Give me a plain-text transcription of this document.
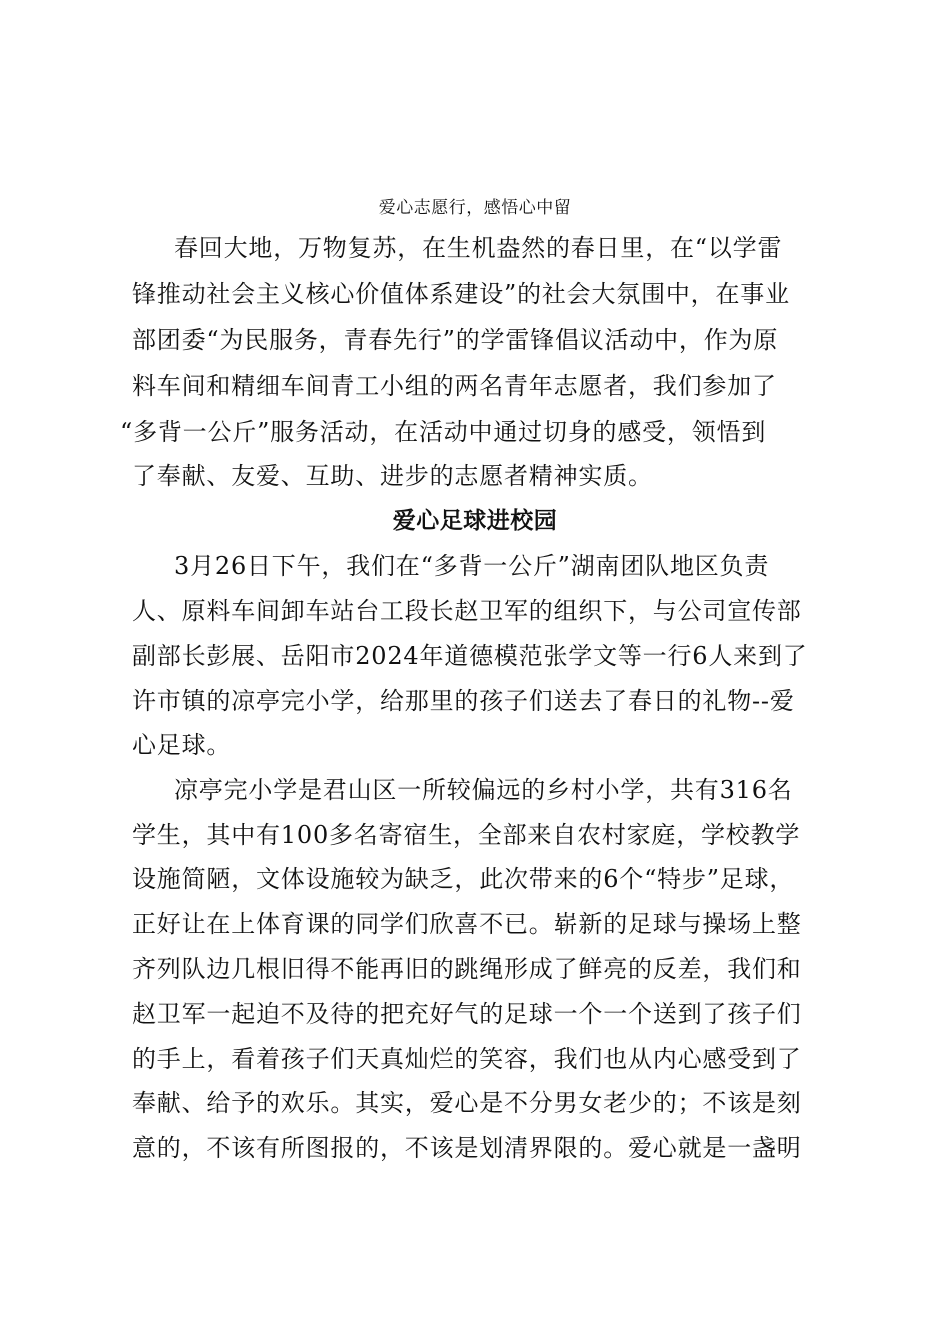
爱心志愿行，感悟心中留
春回大地，万物复苏，在生机盎然的春日里，在“以学雷
锋推动社会主义核心价值体系建设”的社会大氛围中，在事业
部团委“为民服务，青春先行”的学雷锋倡议活动中，作为原
料车间和精细车间青工小组的两名青年志愿者，我们参加了
“多背一公斤”服务活动，在活动中通过切身的感受，领悟到
了奉献、友爱、互助、进步的志愿者精神实质。
爱心足球进校园
3月26日下午，我们在“多背一公斤”湖南团队地区负责
人、原料车间卸车站台工段长赵卫军的组织下，与公司宣传部
副部长彭展、岳阳市2024年道德模范张学文等一行6人来到了
许市镇的凉亭完小学，给那里的孩子们送去了春日的礼物--爱
心足球。
凉亭完小学是君山区一所较偏远的乡村小学，共有316名
学生，其中有100多名寄宿生，全部来自农村家庭，学校教学
设施简陋，文体设施较为缺乏，此次带来的6个“特步”足球，
正好让在上体育课的同学们欣喜不已。崭新的足球与操场上整
齐列队边几根旧得不能再旧的跳绳形成了鲜亮的反差，我们和
赵卫军一起迫不及待的把充好气的足球一个一个送到了孩子们
的手上，看着孩子们天真灿烂的笑容，我们也从内心感受到了
奉献、给予的欢乐。其实，爱心是不分男女老少的；不该是刻
意的，不该有所图报的，不该是划清界限的。爱心就是一盏明
